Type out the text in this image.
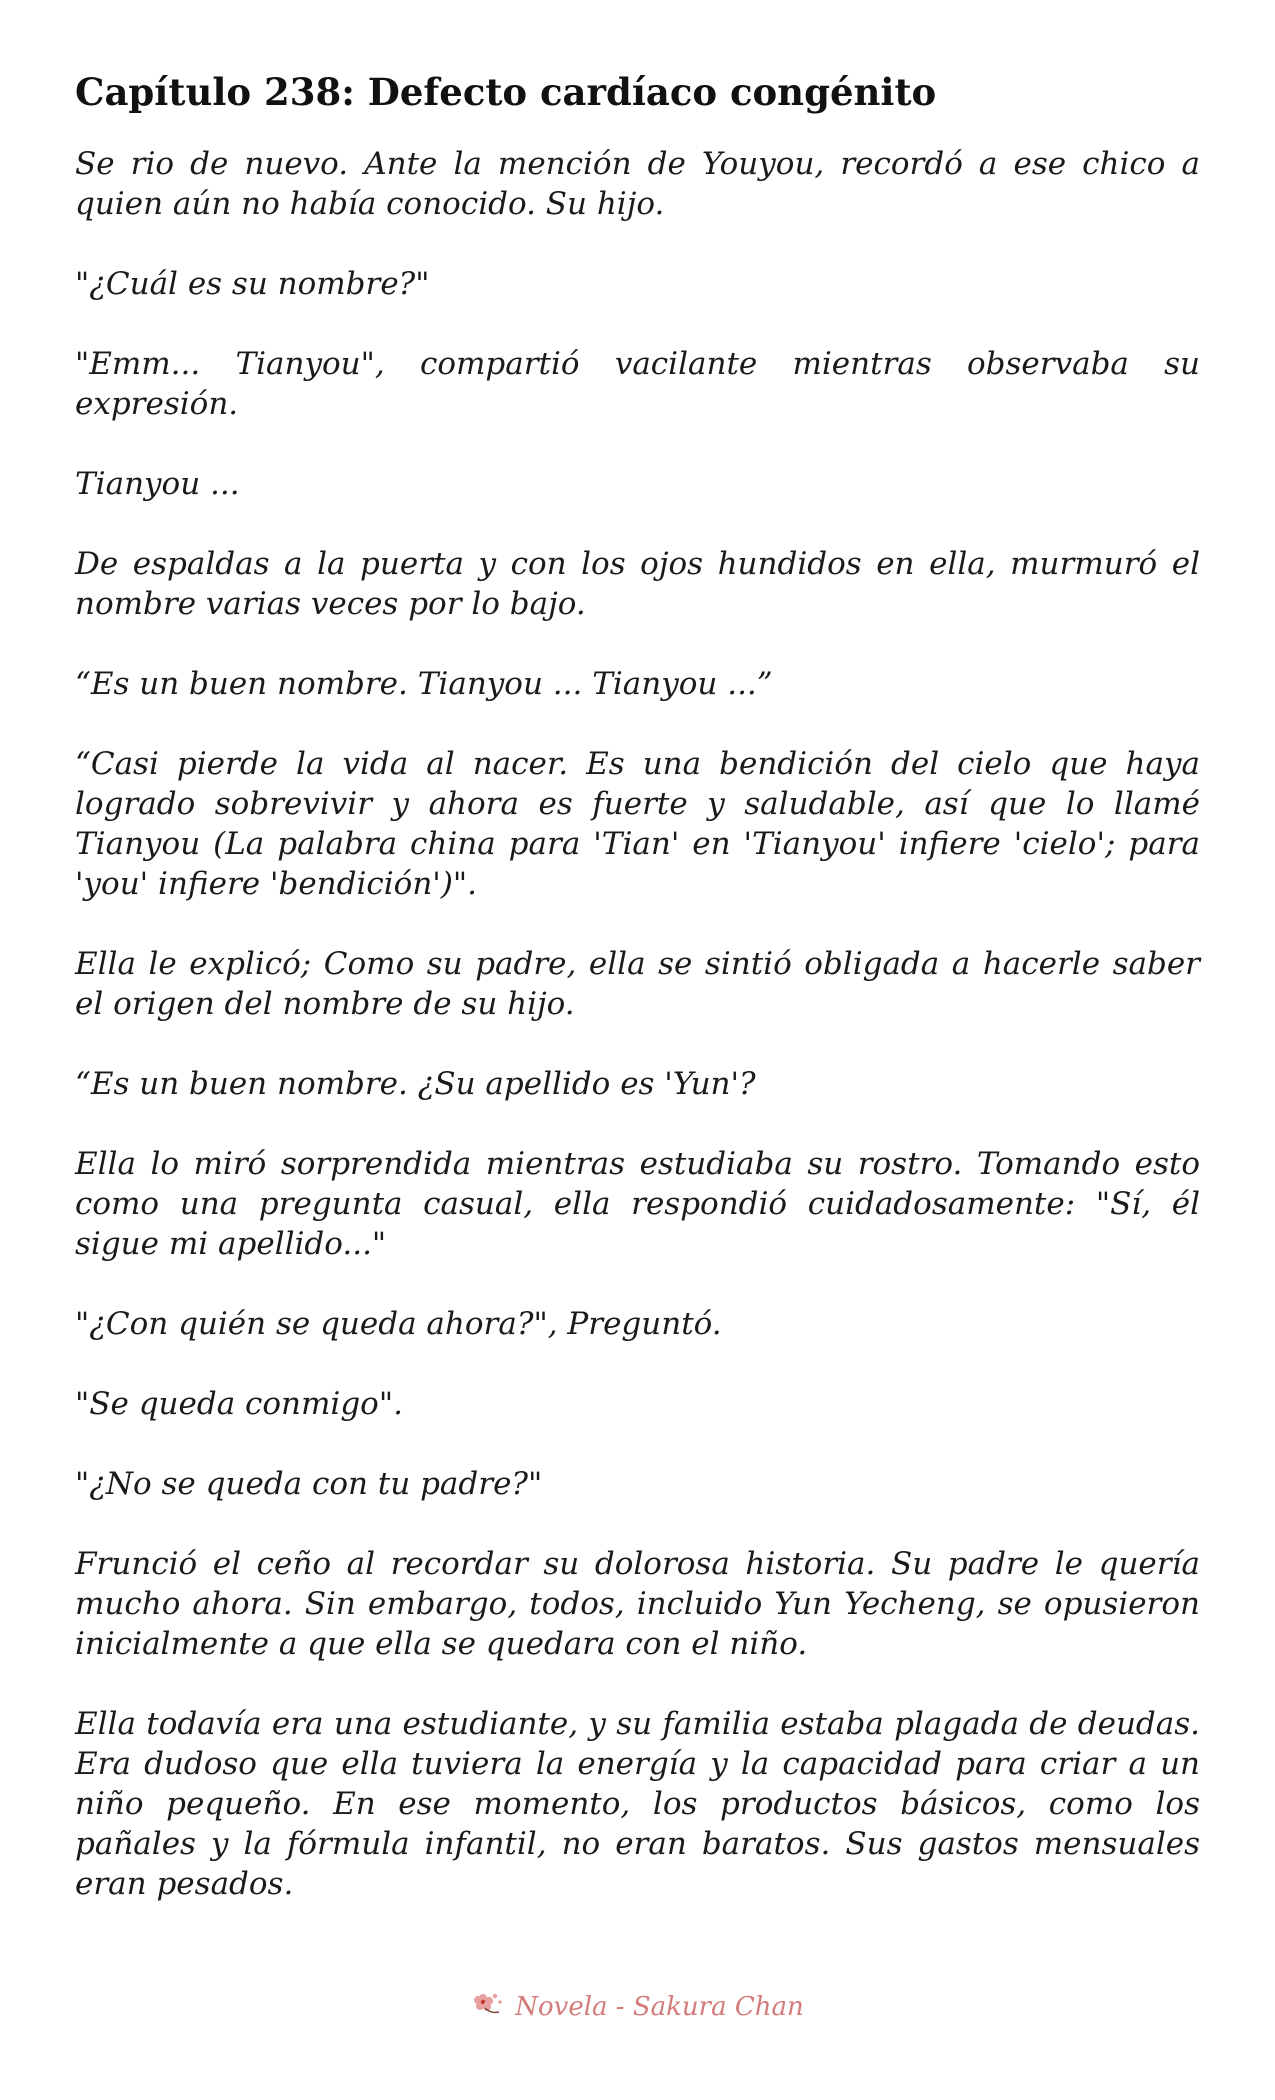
Capítulo 238: Defecto cardíaco congénito

Se rio de nuevo. Ante la mención de Youyou, recordó a ese chico a quien aún no había conocido. Su hijo.

"¿Cuál es su nombre?"

"Emm... Tianyou", compartió vacilante mientras observaba su expresión.

Tianyou ...

De espaldas a la puerta y con los ojos hundidos en ella, murmuró el nombre varias veces por lo bajo.

“Es un buen nombre. Tianyou ... Tianyou ...”

“Casi pierde la vida al nacer. Es una bendición del cielo que haya logrado sobrevivir y ahora es fuerte y saludable, así que lo llamé Tianyou (La palabra china para 'Tian' en 'Tianyou' infiere 'cielo'; para 'you' infiere 'bendición')".

Ella le explicó; Como su padre, ella se sintió obligada a hacerle saber el origen del nombre de su hijo.

“Es un buen nombre. ¿Su apellido es 'Yun'?

Ella lo miró sorprendida mientras estudiaba su rostro. Tomando esto como una pregunta casual, ella respondió cuidadosamente: "Sí, él sigue mi apellido..."

"¿Con quién se queda ahora?", Preguntó.

"Se queda conmigo".

"¿No se queda con tu padre?"

Frunció el ceño al recordar su dolorosa historia. Su padre le quería mucho ahora. Sin embargo, todos, incluido Yun Yecheng, se opusieron inicialmente a que ella se quedara con el niño.

Ella todavía era una estudiante, y su familia estaba plagada de deudas. Era dudoso que ella tuviera la energía y la capacidad para criar a un niño pequeño. En ese momento, los productos básicos, como los pañales y la fórmula infantil, no eran baratos. Sus gastos mensuales eran pesados.

Novela - Sakura Chan
